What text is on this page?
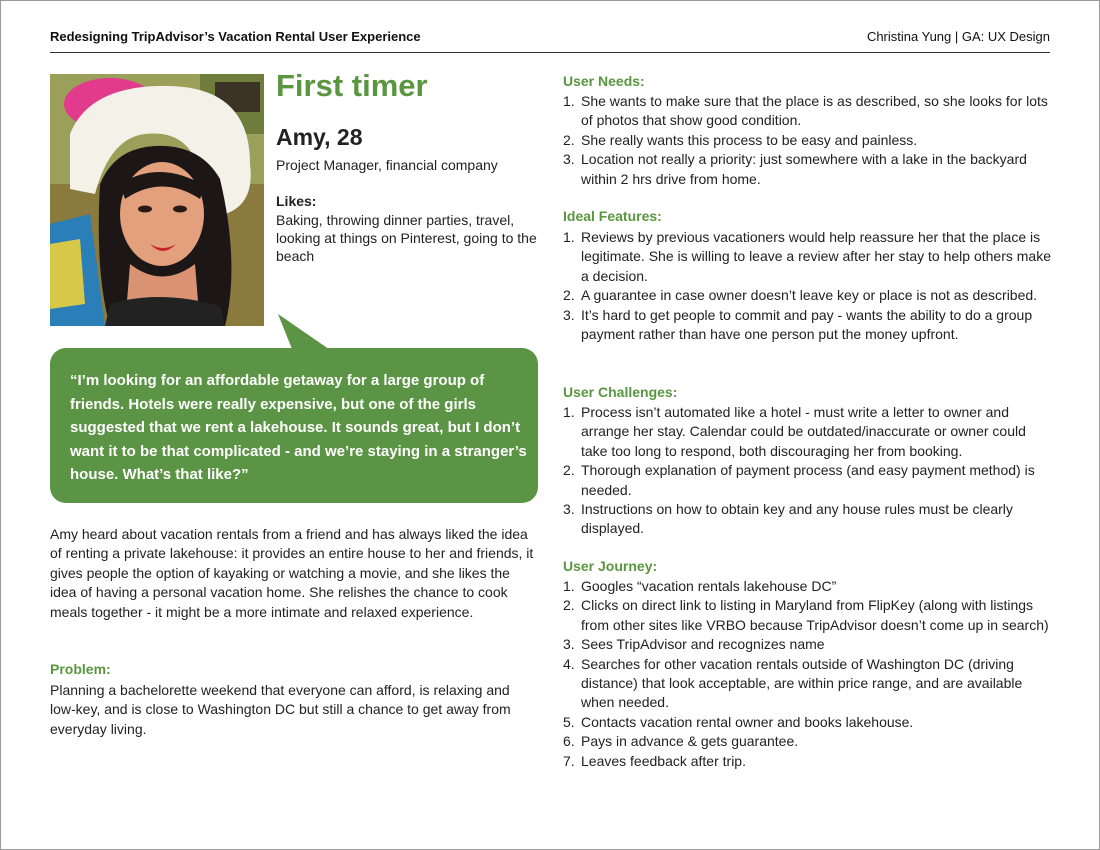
Redesigning TripAdvisor’s Vacation Rental User Experience	Christina Yung | GA: UX Design
First timer
Amy, 28
Project Manager, financial company
Likes:
Baking, throwing dinner parties, travel, looking at things on Pinterest, going to the beach
“I’m looking for an affordable getaway for a large group of friends. Hotels were really expensive, but one of the girls suggested that we rent a lakehouse. It sounds great, but I don’t want it to be that complicated - and we’re staying in a stranger’s house. What’s that like?”
Amy heard about vacation rentals from a friend and has always liked the idea of renting a private lakehouse: it provides an entire house to her and friends, it gives people the option of kayaking or watching a movie, and she likes the idea of having a personal vacation home. She relishes the chance to cook meals together - it might be a more intimate and relaxed experience.
Problem:
Planning a bachelorette weekend that everyone can afford, is relaxing and low-key, and is close to Washington DC but still a chance to get away from everyday living.
User Needs:
1. She wants to make sure that the place is as described, so she looks for lots of photos that show good condition.
2. She really wants this process to be easy and painless.
3. Location not really a priority: just somewhere with a lake in the backyard within 2 hrs drive from home.
Ideal Features:
1. Reviews by previous vacationers would help reassure her that the place is legitimate. She is willing to leave a review after her stay to help others make a decision.
2. A guarantee in case owner doesn’t leave key or place is not as described.
3. It’s hard to get people to commit and pay - wants the ability to do a group payment rather than have one person put the money upfront.
User Challenges:
1. Process isn’t automated like a hotel - must write a letter to owner and arrange her stay. Calendar could be outdated/inaccurate or owner could take too long to respond, both discouraging her from booking.
2. Thorough explanation of payment process (and easy payment method) is needed.
3. Instructions on how to obtain key and any house rules must be clearly displayed.
User Journey:
1. Googles “vacation rentals lakehouse DC”
2. Clicks on direct link to listing in Maryland from FlipKey (along with listings from other sites like VRBO because TripAdvisor doesn’t come up in search)
3. Sees TripAdvisor and recognizes name
4. Searches for other vacation rentals outside of Washington DC (driving distance) that look acceptable, are within price range, and are available when needed.
5. Contacts vacation rental owner and books lakehouse.
6. Pays in advance & gets guarantee.
7. Leaves feedback after trip.
